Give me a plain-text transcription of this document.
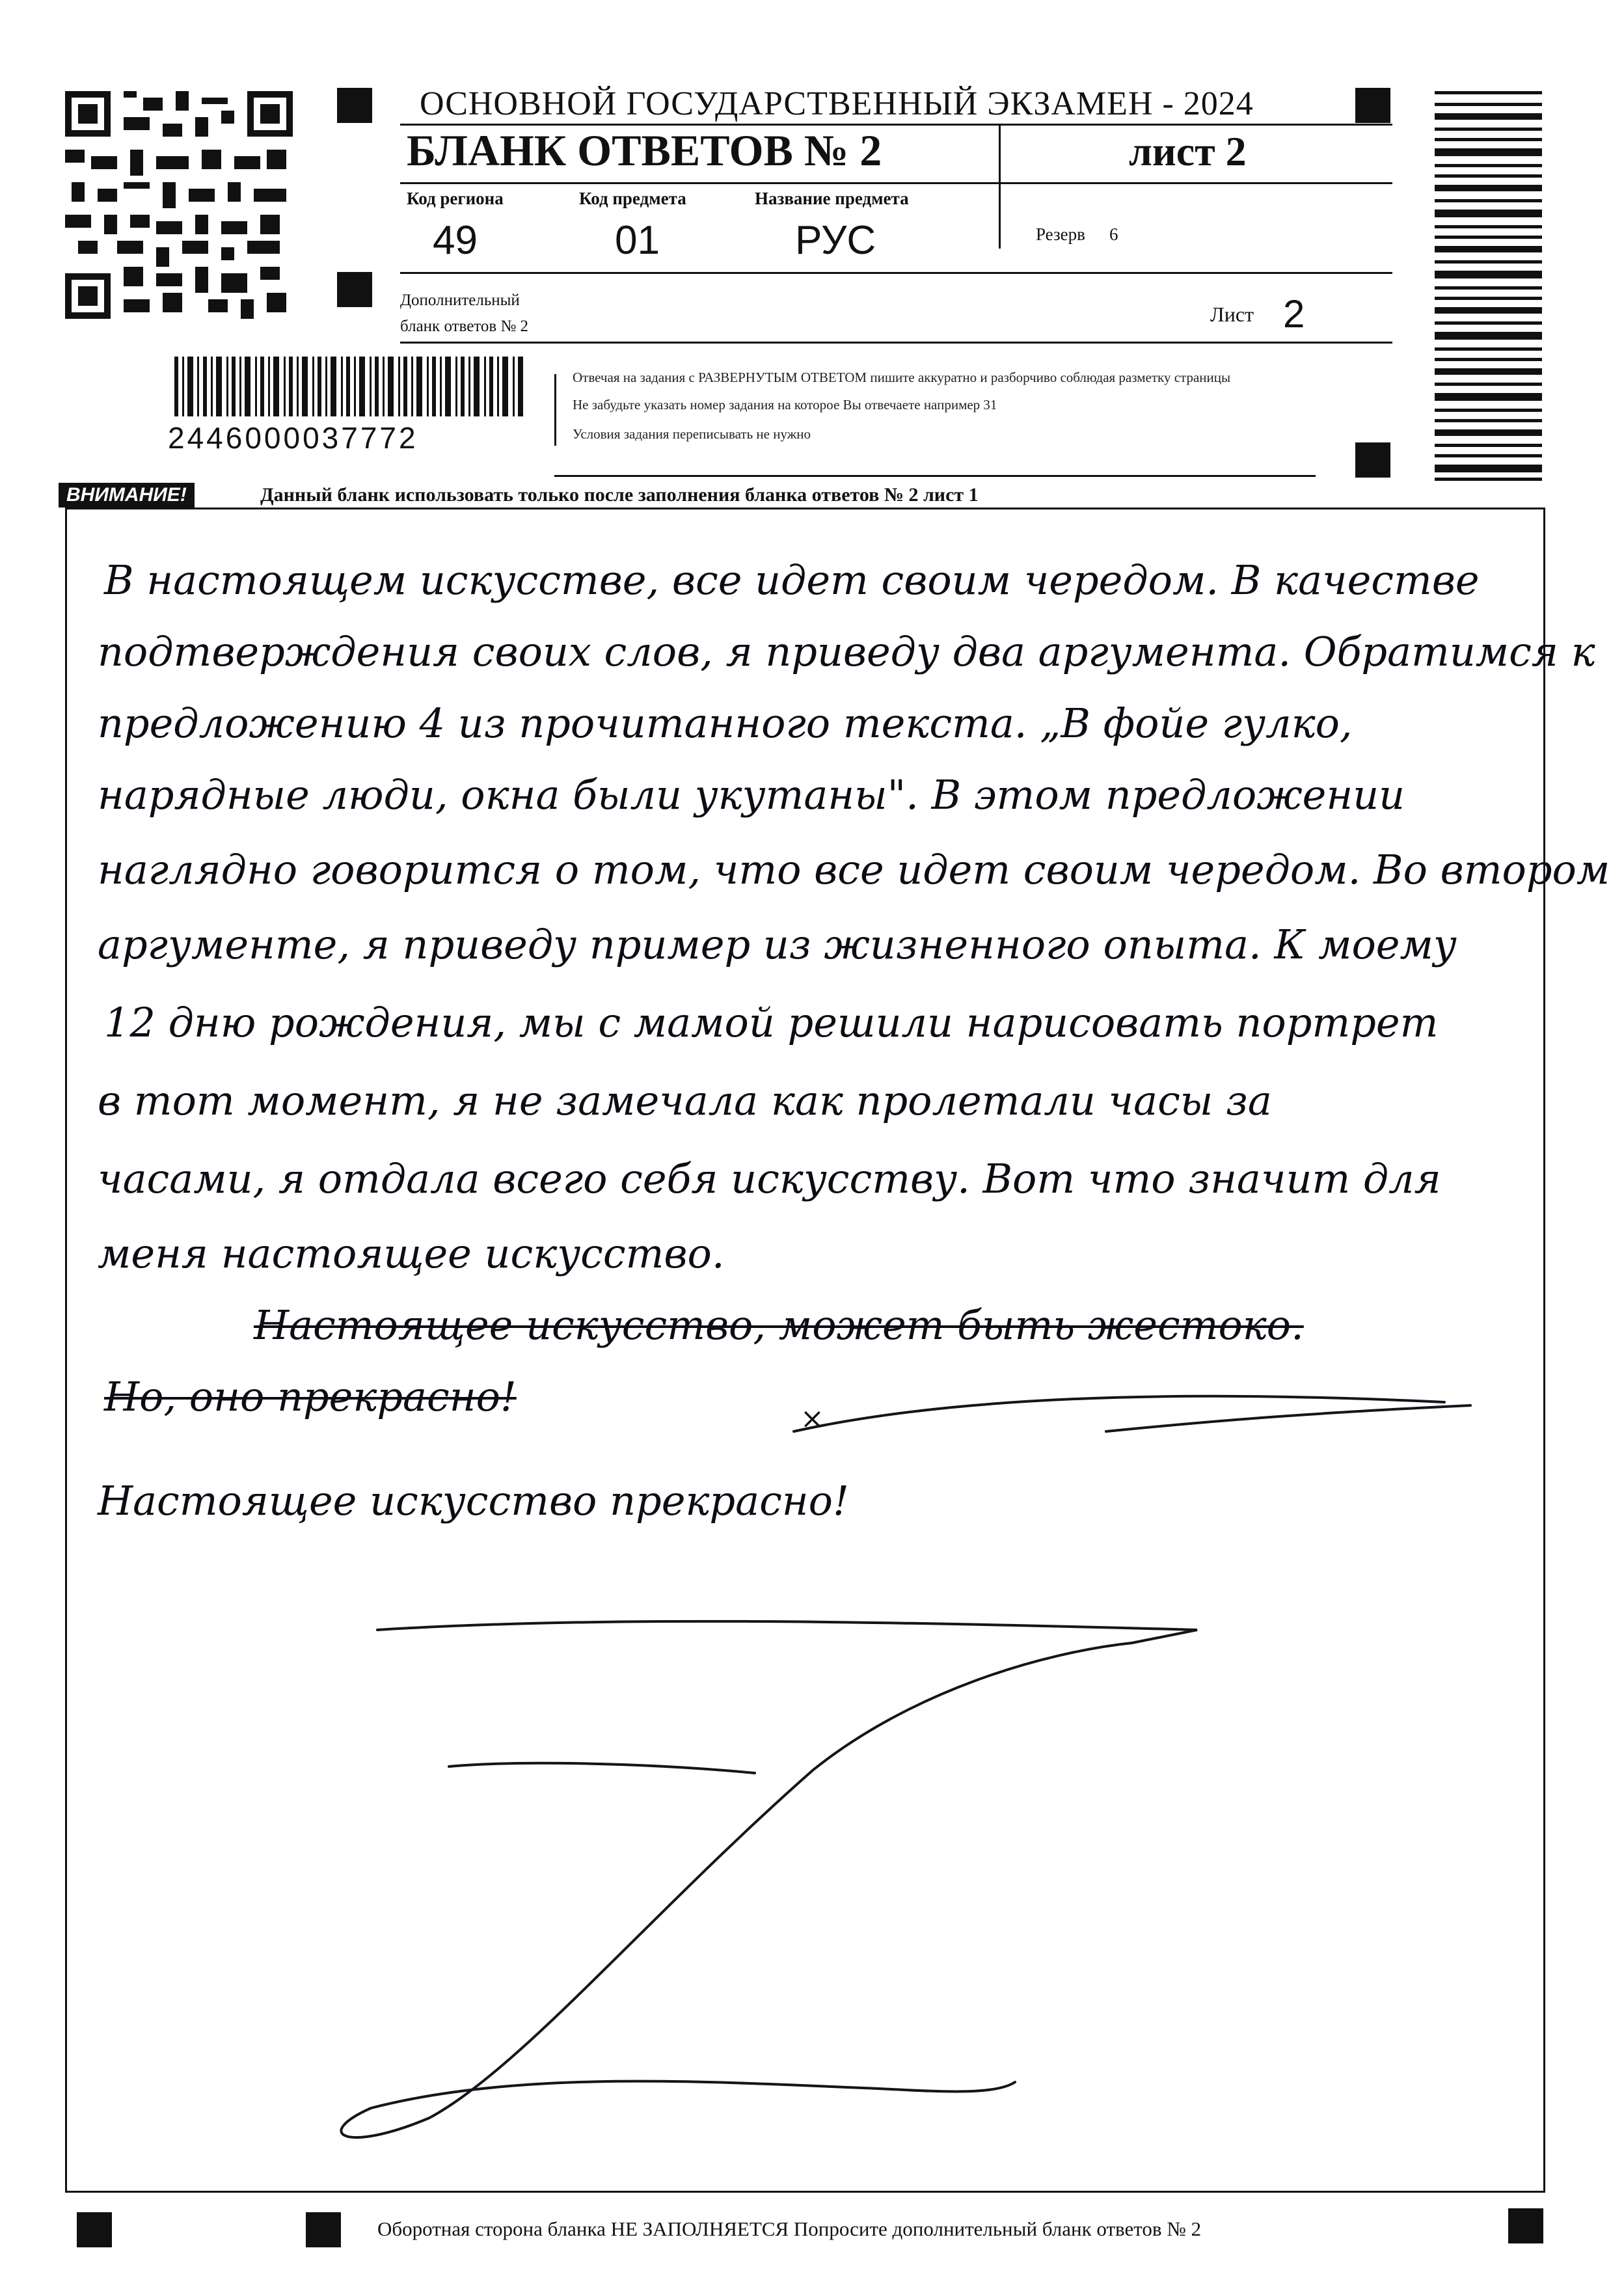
2446000037772
ОСНОВНОЙ ГОСУДАРСТВЕННЫЙ ЭКЗАМЕН - 2024
БЛАНК ОТВЕТОВ № 2	лист 2
Код региона
49
Код предмета
01
Название предмета
РУС	Резерв 6
Дополнительный
бланк ответов № 2
Лист 2
Отвечая на задания с РАЗВЕРНУТЫМ ОТВЕТОМ пишите аккуратно и разборчиво соблюдая разметку страницы
Не забудьте указать номер задания на которое Вы отвечаете например 31
Условия задания переписывать не нужно
ВНИМАНИЕ!	Данный бланк использовать только после заполнения бланка ответов № 2 лист 1
В настоящем искусстве, все идет своим чередом. В качестве
подтверждения своих слов, я приведу два аргумента. Обратимся к
предложению 4 из прочитанного текста. „В фойе гулко,
нарядные люди, окна были укутаны". В этом предложении
наглядно говорится о том, что все идет своим чередом. Во втором
аргументе, я приведу пример из жизненного опыта. К моему
12 дню рождения, мы с мамой решили нарисовать портрет
в тот момент, я не замечала как пролетали часы за
часами, я отдала всего себя искусству. Вот что значит для
меня настоящее искусство.
Настоящее искусство, может быть жестоко.
Но, оно прекрасно!	×
Настоящее искусство прекрасно!
Оборотная сторона бланка НЕ ЗАПОЛНЯЕТСЯ Попросите дополнительный бланк ответов № 2
